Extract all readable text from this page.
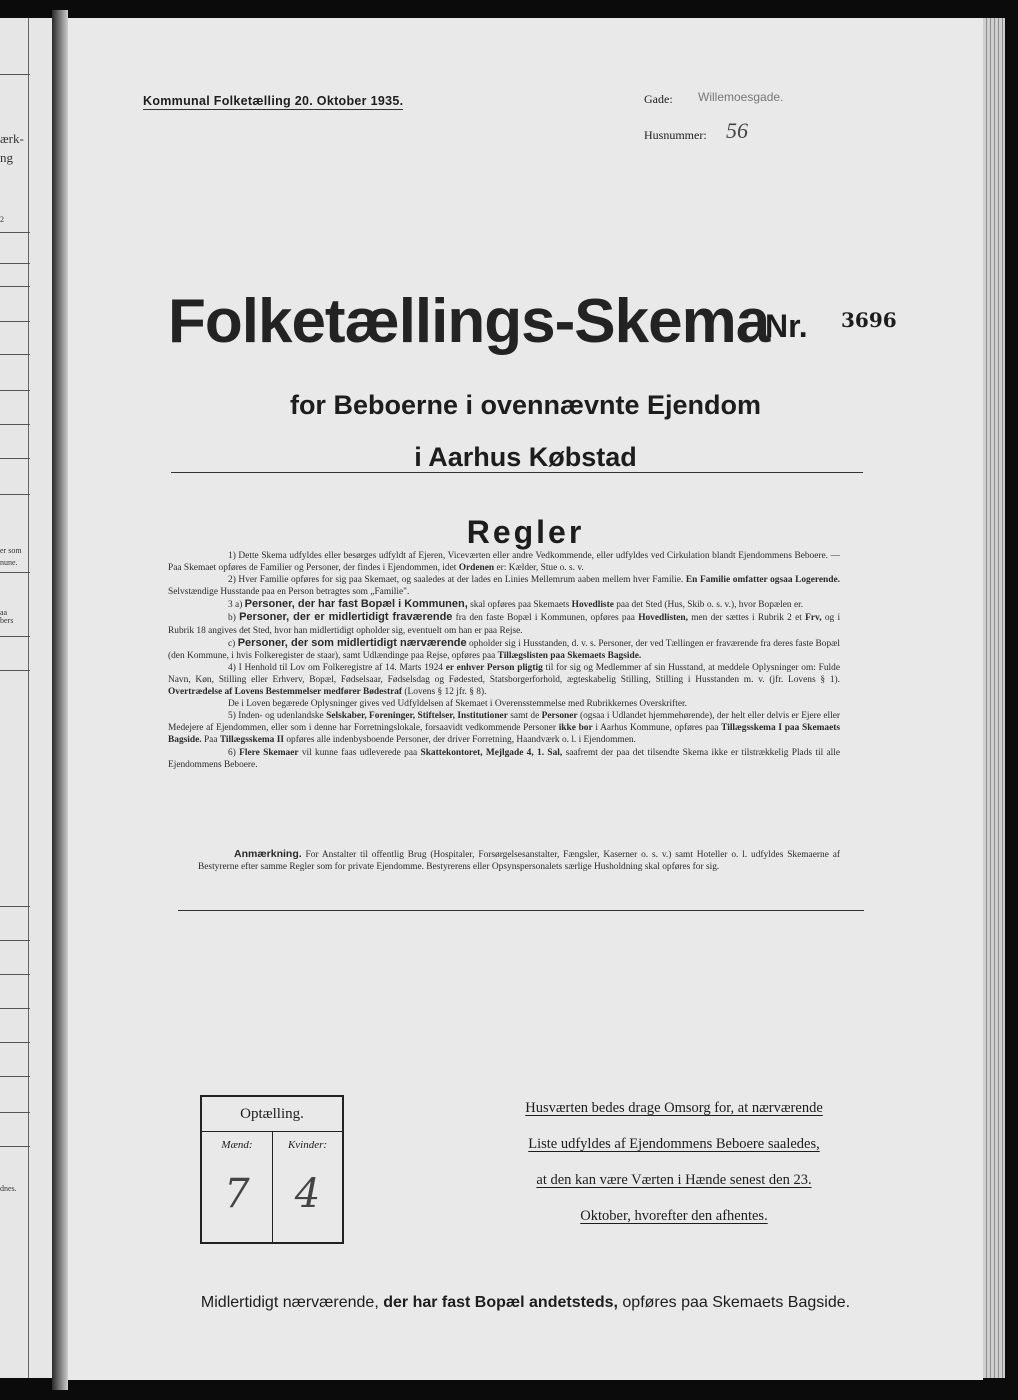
ærk-
ng
2
er som
nune.
aa
bers
dnes.
Kommunal Folketælling 20. Oktober 1935.	Gade: Willemoesgade.
Husnummer: 56
Folketællings-Skema
Nr. 3696
for Beboerne i ovennævnte Ejendom
i Aarhus Købstad
Regler

1) Dette Skema udfyldes eller besørges udfyldt af Ejeren, Viceværten eller andre Vedkommende, eller udfyldes ved Cirkulation blandt Ejendommens Beboere. — Paa Skemaet opføres de Familier og Personer, der findes i Ejendommen, idet Ordenen er: Kælder, Stue o. s. v.

2) Hver Familie opføres for sig paa Skemaet, og saaledes at der lades en Linies Mellemrum aaben mellem hver Familie. En Familie omfatter ogsaa Logerende. Selvstændige Husstande paa en Person betragtes som „Familie".

3 a) Personer, der har fast Bopæl i Kommunen, skal opføres paa Skemaets Hovedliste paa det Sted (Hus, Skib o. s. v.), hvor Bopælen er.

b) Personer, der er midlertidigt fraværende fra den faste Bopæl i Kommunen, opføres paa Hovedlisten, men der sættes i Rubrik 2 et Frv, og i Rubrik 18 angives det Sted, hvor han midlertidigt opholder sig, eventuelt om han er paa Rejse.

c) Personer, der som midlertidigt nærværende opholder sig i Husstanden, d. v. s. Personer, der ved Tællingen er fraværende fra deres faste Bopæl (den Kommune, i hvis Folkeregister de staar), samt Udlændinge paa Rejse, opføres paa Tillægslisten paa Skemaets Bagside.

4) I Henhold til Lov om Folkeregistre af 14. Marts 1924 er enhver Person pligtig til for sig og Medlemmer af sin Husstand, at meddele Oplysninger om: Fulde Navn, Køn, Stilling eller Erhverv, Bopæl, Fødselsaar, Fødselsdag og Fødested, Statsborgerforhold, ægteskabelig Stilling, Stilling i Husstanden m. v. (jfr. Lovens § 1). Overtrædelse af Lovens Bestemmelser medfører Bødestraf (Lovens § 12 jfr. § 8).

De i Loven begærede Oplysninger gives ved Udfyldelsen af Skemaet i Overensstemmelse med Rubrikkernes Overskrifter.

5) Inden- og udenlandske Selskaber, Foreninger, Stiftelser, Institutioner samt de Personer (ogsaa i Udlandet hjemmehørende), der helt eller delvis er Ejere eller Medejere af Ejendommen, eller som i denne har Forretningslokale, forsaavidt vedkommende Personer ikke bor i Aarhus Kommune, opføres paa Tillægsskema I paa Skemaets Bagside. Paa Tillægsskema II opføres alle indenbysboende Personer, der driver Forretning, Haandværk o. l. i Ejendommen.

6) Flere Skemaer vil kunne faas udleverede paa Skattekontoret, Mejlgade 4, 1. Sal, saafremt der paa det tilsendte Skema ikke er tilstrækkelig Plads til alle Ejendommens Beboere.

Anmærkning. For Anstalter til offentlig Brug (Hospitaler, Forsørgelsesanstalter, Fængsler, Kaserner o. s. v.) samt Hoteller o. l. udfyldes Skemaerne af Bestyrerne efter samme Regler som for private Ejendomme. Bestyrerens eller Opsynspersonalets særlige Husholdning skal opføres for sig.
Optælling.
Mænd:
7
Kvinder:
4
Husværten bedes drage Omsorg for, at nærværende
Liste udfyldes af Ejendommens Beboere saaledes,
at den kan være Værten i Hænde senest den 23.
Oktober, hvorefter den afhentes.
Midlertidigt nærværende, der har fast Bopæl andetsteds, opføres paa Skemaets Bagside.
